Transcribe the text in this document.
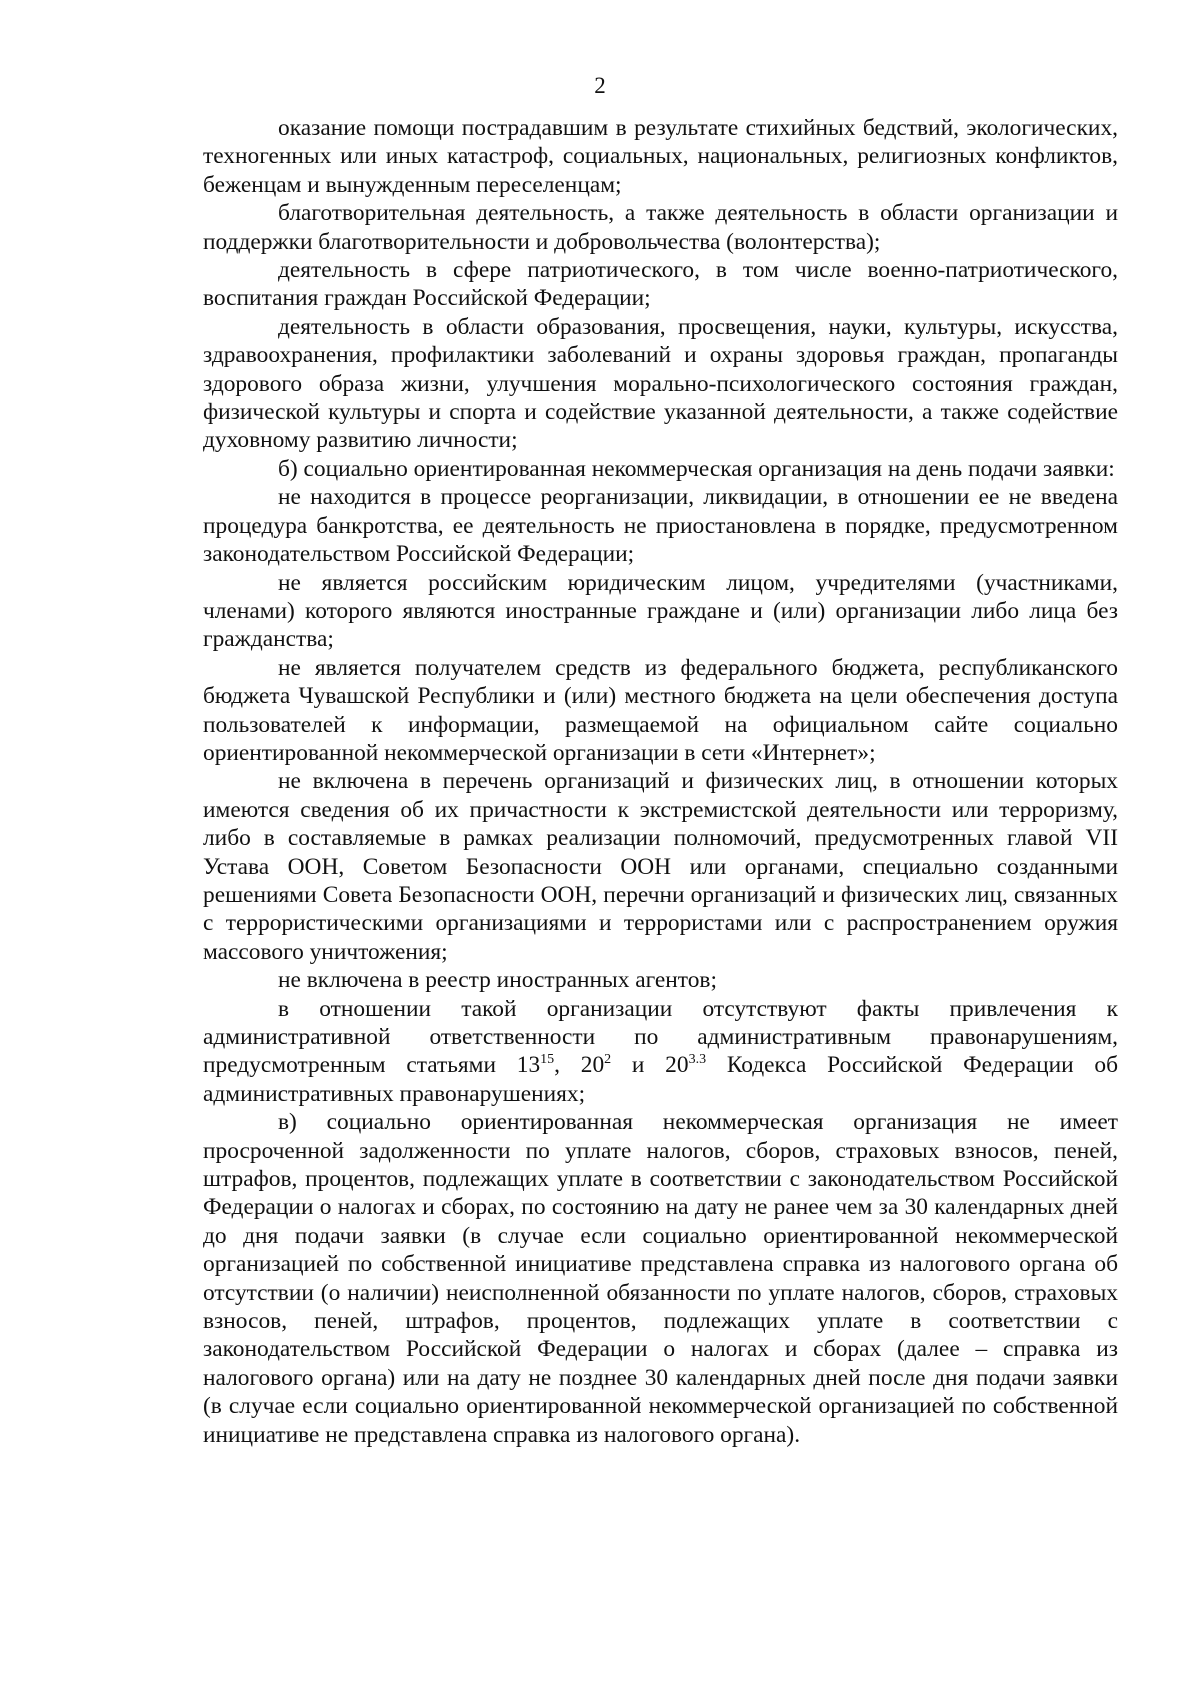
2

оказание помощи пострадавшим в результате стихийных бедствий, экологических, техногенных или иных катастроф, социальных, национальных, религиозных конфликтов, беженцам и вынужденным переселенцам;

благотворительная деятельность, а также деятельность в области организации и поддержки благотворительности и добровольчества (волонтерства);

деятельность в сфере патриотического, в том числе военно-патриотического, воспитания граждан Российской Федерации;

деятельность в области образования, просвещения, науки, культуры, искусства, здравоохранения, профилактики заболеваний и охраны здоровья граждан, пропаганды здорового образа жизни, улучшения морально-психологического состояния граждан, физической культуры и спорта и содействие указанной деятельности, а также содействие духовному развитию личности;

б) социально ориентированная некоммерческая организация на день подачи заявки:

не находится в процессе реорганизации, ликвидации, в отношении ее не введена процедура банкротства, ее деятельность не приостановлена в порядке, предусмотренном законодательством Российской Федерации;

не является российским юридическим лицом, учредителями (участниками, членами) которого являются иностранные граждане и (или) организации либо лица без гражданства;

не является получателем средств из федерального бюджета, республиканского бюджета Чувашской Республики и (или) местного бюджета на цели обеспечения доступа пользователей к информации, размещаемой на официальном сайте социально ориентированной некоммерческой организации в сети «Интернет»;

не включена в перечень организаций и физических лиц, в отношении которых имеются сведения об их причастности к экстремистской деятельности или терроризму, либо в составляемые в рамках реализации полномочий, предусмотренных главой VII Устава ООН, Советом Безопасности ООН или органами, специально созданными решениями Совета Безопасности ООН, перечни организаций и физических лиц, связанных с террористическими организациями и террористами или с распространением оружия массового уничтожения;

не включена в реестр иностранных агентов;

в отношении такой организации отсутствуют факты привлечения к административной ответственности по административным правонарушениям, предусмотренным статьями $13^{15}$, $20^2$ и $20^{3.3}$ Кодекса Российской Федерации об административных правонарушениях;

в) социально ориентированная некоммерческая организация не имеет просроченной задолженности по уплате налогов, сборов, страховых взносов, пеней, штрафов, процентов, подлежащих уплате в соответствии с законодательством Российской Федерации о налогах и сборах, по состоянию на дату не ранее чем за 30 календарных дней до дня подачи заявки (в случае если социально ориентированной некоммерческой организацией по собственной инициативе представлена справка из налогового органа об отсутствии (о наличии) неисполненной обязанности по уплате налогов, сборов, страховых взносов, пеней, штрафов, процентов, подлежащих уплате в соответствии с законодательством Российской Федерации о налогах и сборах (далее – справка из налогового органа) или на дату не позднее 30 календарных дней после дня подачи заявки (в случае если социально ориентированной некоммерческой организацией по собственной инициативе не представлена справка из налогового органа).
